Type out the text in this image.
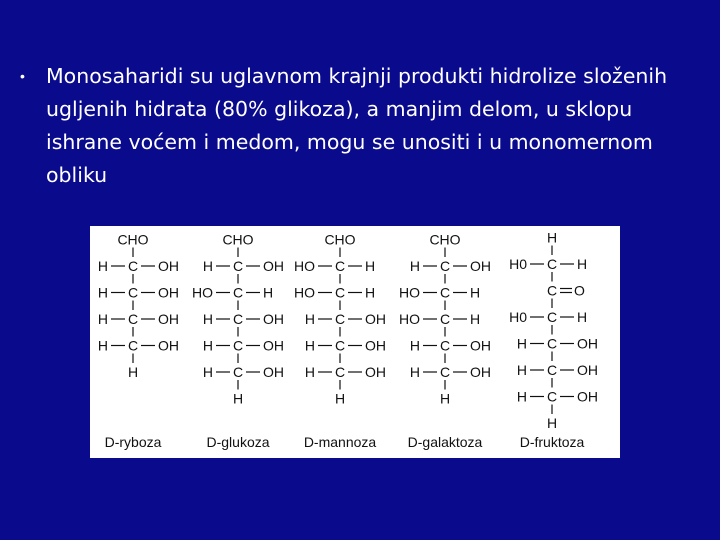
• Monosaharidi su uglavnom krajnji produkti hidrolize složenih ugljenih hidrata (80% glikoza), a manjim delom, u sklopu ishrane voćem i medom, mogu se unositi i u monomernom obliku
CHO
C
H	OH
C
H	OH
C
H	OH
C
H	OH
H
D-ryboza
CHO
C
H	OH
C
HO	H
C
H	OH
C
H	OH
C
H	OH
H
D-glukoza
CHO
C
HO	H
C
HO	H
C
H	OH
C
H	OH
C
H	OH
H
D-mannoza
CHO
C
H	OH
C
HO	H
C
HO	H
C
H	OH
C
H	OH
H
D-galaktoza
H
C
H0	H
C O
C
H0	H
C
H	OH
C
H	OH
C
H	OH
H
D-fruktoza
